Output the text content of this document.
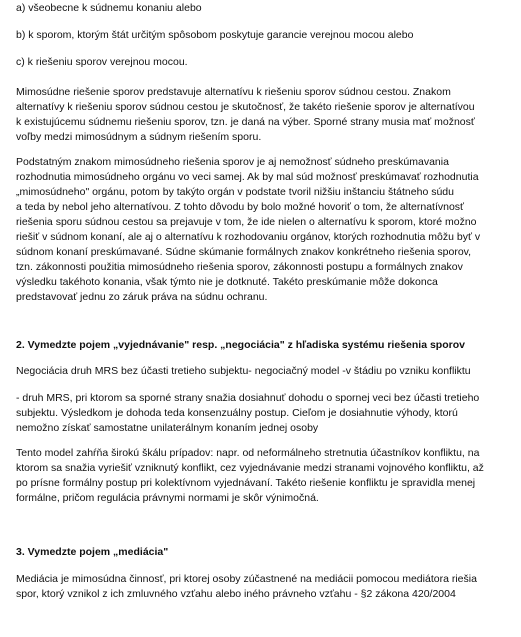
a) všeobecne k súdnemu konaniu alebo
b) k sporom, ktorým štát určitým spôsobom poskytuje garancie verejnou mocou alebo
c) k riešeniu sporov verejnou mocou.
Mimosúdne riešenie sporov predstavuje alternatívu k riešeniu sporov súdnou cestou. Znakom
alternatívy k riešeniu sporov súdnou cestou je skutočnosť, že takéto riešenie sporov je alternatívou
k existujúcemu súdnemu riešeniu sporov, tzn. je daná na výber. Sporné strany musia mať možnosť
voľby medzi mimosúdnym a súdnym riešením sporu.
Podstatným znakom mimosúdneho riešenia sporov je aj nemožnosť súdneho preskúmavania
rozhodnutia mimosúdneho orgánu vo veci samej. Ak by mal súd možnosť preskúmavať rozhodnutia
„mimosúdneho" orgánu, potom by takýto orgán v podstate tvoril nižšiu inštanciu štátneho súdu
a teda by nebol jeho alternatívou. Z tohto dôvodu by bolo možné hovoriť o tom, že alternatívnosť
riešenia sporu súdnou cestou sa prejavuje v tom, že ide nielen o alternatívu k sporom, ktoré možno
riešiť v súdnom konaní, ale aj o alternatívu k rozhodovaniu orgánov, ktorých rozhodnutia môžu byť v
súdnom konaní preskúmavané. Súdne skúmanie formálnych znakov konkrétneho riešenia sporov,
tzn. zákonnosti použitia mimosúdneho riešenia sporov, zákonnosti postupu a formálnych znakov
výsledku takéhoto konania, však týmto nie je dotknuté. Takéto preskúmanie môže dokonca
predstavovať jednu zo záruk práva na súdnu ochranu.
2. Vymedzte pojem „vyjednávanie" resp. „negociácia" z hľadiska systému riešenia sporov
Negociácia druh MRS bez účasti tretieho subjektu- negociačný model -v štádiu po vzniku konfliktu
- druh MRS, pri ktorom sa sporné strany snažia dosiahnuť dohodu o spornej veci bez účasti tretieho
subjektu. Výsledkom je dohoda teda konsenzuálny postup. Cieľom je dosiahnutie výhody, ktorú
nemožno získať samostatne unilaterálnym konaním jednej osoby
Tento model zahŕňa širokú škálu prípadov: napr. od neformálneho stretnutia účastníkov konfliktu, na
ktorom sa snažia vyriešiť vzniknutý konflikt, cez vyjednávanie medzi stranami vojnového konfliktu, až
po prísne formálny postup pri kolektívnom vyjednávaní. Takéto riešenie konfliktu je spravidla menej
formálne, pričom regulácia právnymi normami je skôr výnimočná.
3. Vymedzte pojem „mediácia"
Mediácia je mimosúdna činnosť, pri ktorej osoby zúčastnené na mediácii pomocou mediátora riešia
spor, ktorý vznikol z ich zmluvného vzťahu alebo iného právneho vzťahu - §2 zákona 420/2004
